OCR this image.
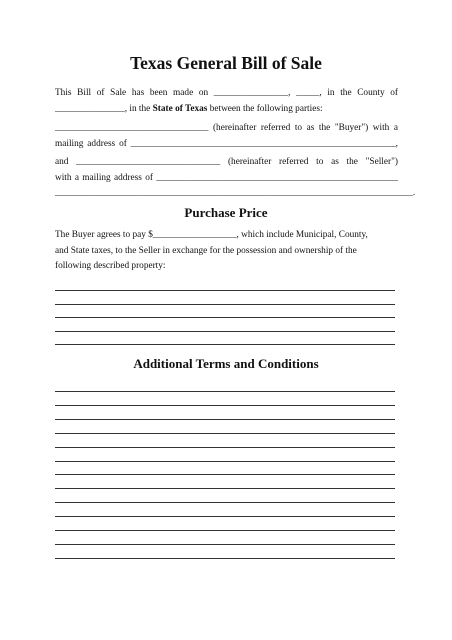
Texas General Bill of Sale
This Bill of Sale has been made on ________________, _____, in the County of
_______________, in the State of Texas between the following parties:
_________________________________ (hereinafter referred to as the "Buyer") with a
mailing address of _________________________________________________________,
and _______________________________ (hereinafter referred to as the "Seller")
with a mailing address of ____________________________________________________
_____________________________________________________________________________.
Purchase Price
The Buyer agrees to pay $__________________, which include Municipal, County,
and State taxes, to the Seller in exchange for the possession and ownership of the
following described property:
Additional Terms and Conditions
